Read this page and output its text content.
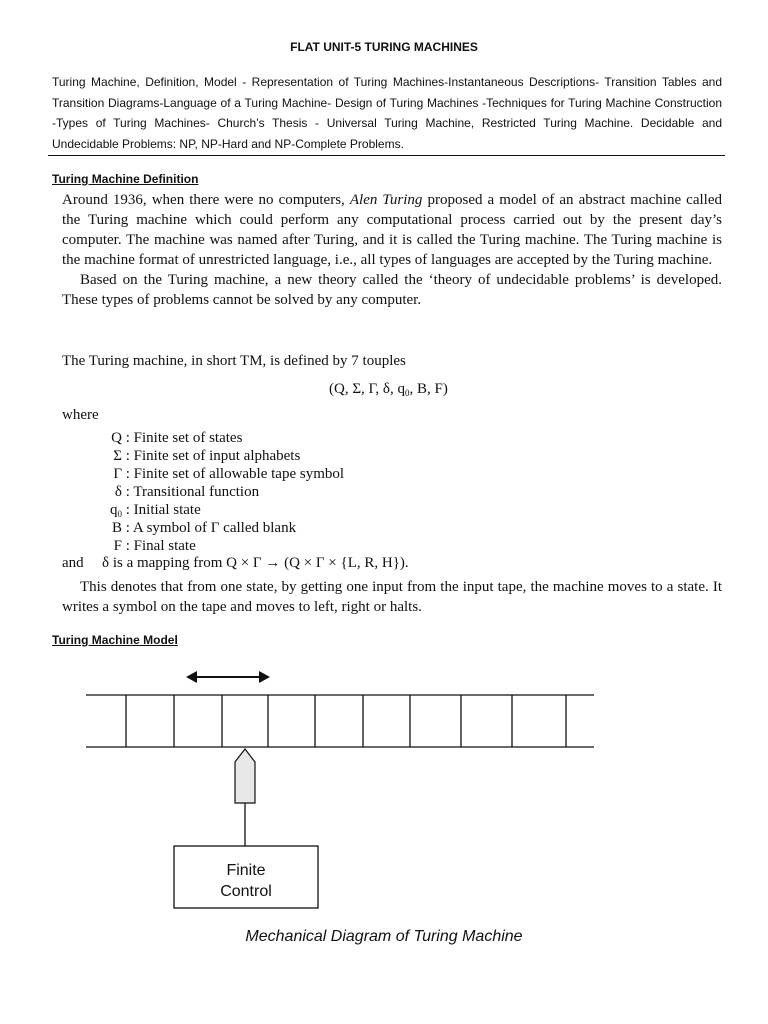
FLAT UNIT-5 TURING MACHINES
Turing Machine, Definition, Model - Representation of Turing Machines-Instantaneous Descriptions- Transition Tables and Transition Diagrams-Language of a Turing Machine- Design of Turing Machines -Techniques for Turing Machine Construction -Types of Turing Machines- Church’s Thesis - Universal Turing Machine, Restricted Turing Machine. Decidable and Undecidable Problems: NP, NP-Hard and NP-Complete Problems.
Turing Machine Definition

Around 1936, when there were no computers, Alen Turing proposed a model of an abstract machine called the Turing machine which could perform any computational process carried out by the present day’s computer. The machine was named after Turing, and it is called the Turing machine. The Turing machine is the machine format of unrestricted language, i.e., all types of languages are accepted by the Turing machine.

Based on the Turing machine, a new theory called the ‘theory of undecidable problems’ is developed. These types of problems cannot be solved by any computer.

The Turing machine, in short TM, is defined by 7 touples
(Q, Σ, Γ, δ, $q_0$, B, F)
where
Q : Finite set of states
Σ : Finite set of input alphabets
Γ : Finite set of allowable tape symbol
δ : Transitional function
$q_0$ : Initial state
B : A symbol of Γ called blank
F : Final state
and δ is a mapping from Q × Γ → (Q × Γ × {L, R, H}).

This denotes that from one state, by getting one input from the input tape, the machine moves to a state. It writes a symbol on the tape and moves to left, right or halts.

Turing Machine Model
Finite
Control
Mechanical Diagram of Turing Machine
